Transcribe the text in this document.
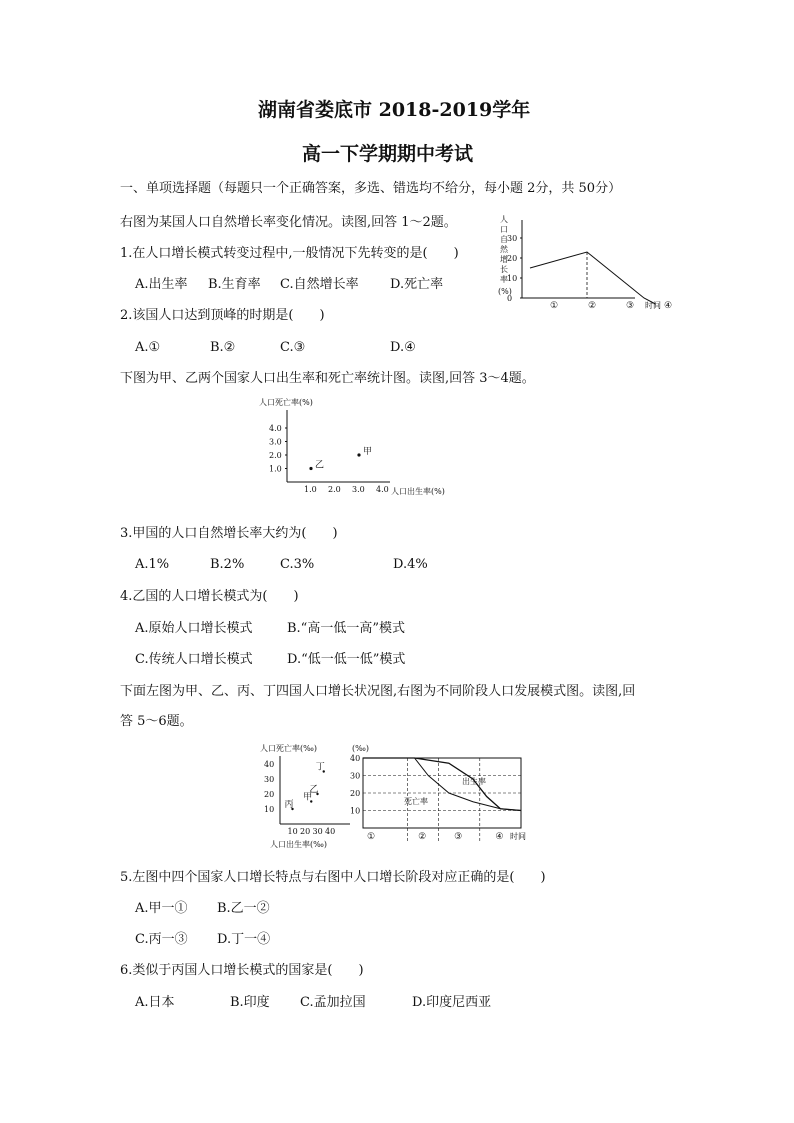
湖南省娄底市 2018-2019学年
高一下学期期中考试
一、单项选择题（每题只一个正确答案，多选、错选均不给分，每小题 2分，共 50分）
右图为某国人口自然增长率变化情况。读图,回答 1～2题。
1.在人口增长模式转变过程中,一般情况下先转变的是(　　)
A.出生率 B.生育率 C.自然增长率 D.死亡率
2.该国人口达到顶峰的时期是(　　)
A.①	B.②	C.③	D.④
人
口
自
然
增
长
率
(%)
0
10
20
30
①	②	③	④
时间
下图为甲、乙两个国家人口出生率和死亡率统计图。读图,回答 3～4题。
人口死亡率(%)
1.0 2.0 3.0 4.0
1.0
2.0
3.0
4.0
乙
甲
人口出生率(%)
3.甲国的人口自然增长率大约为(　　)
A.1%	B.2%	C.3%	D.4%
4.乙国的人口增长模式为(　　)
A.原始人口增长模式	B.“高一低一高”模式
C.传统人口增长模式	D.“低一低一低”模式
下面左图为甲、乙、丙、丁四国人口增长状况图,右图为不同阶段人口发展模式图。读图,回
答 5～6题。
人口死亡率(‰)
10 20 30 40
10
20
30
40
丙
甲
乙
丁
人口出生率(‰)
(‰)
10
20
30
40
①	②	③	④
出生率
死亡率
时间
5.左图中四个国家人口增长特点与右图中人口增长阶段对应正确的是(　　)
A.甲一① B.乙一②
C.丙一③ D.丁一④
6.类似于丙国人口增长模式的国家是(　　)
A.日本	B.印度 C.孟加拉国	D.印度尼西亚
